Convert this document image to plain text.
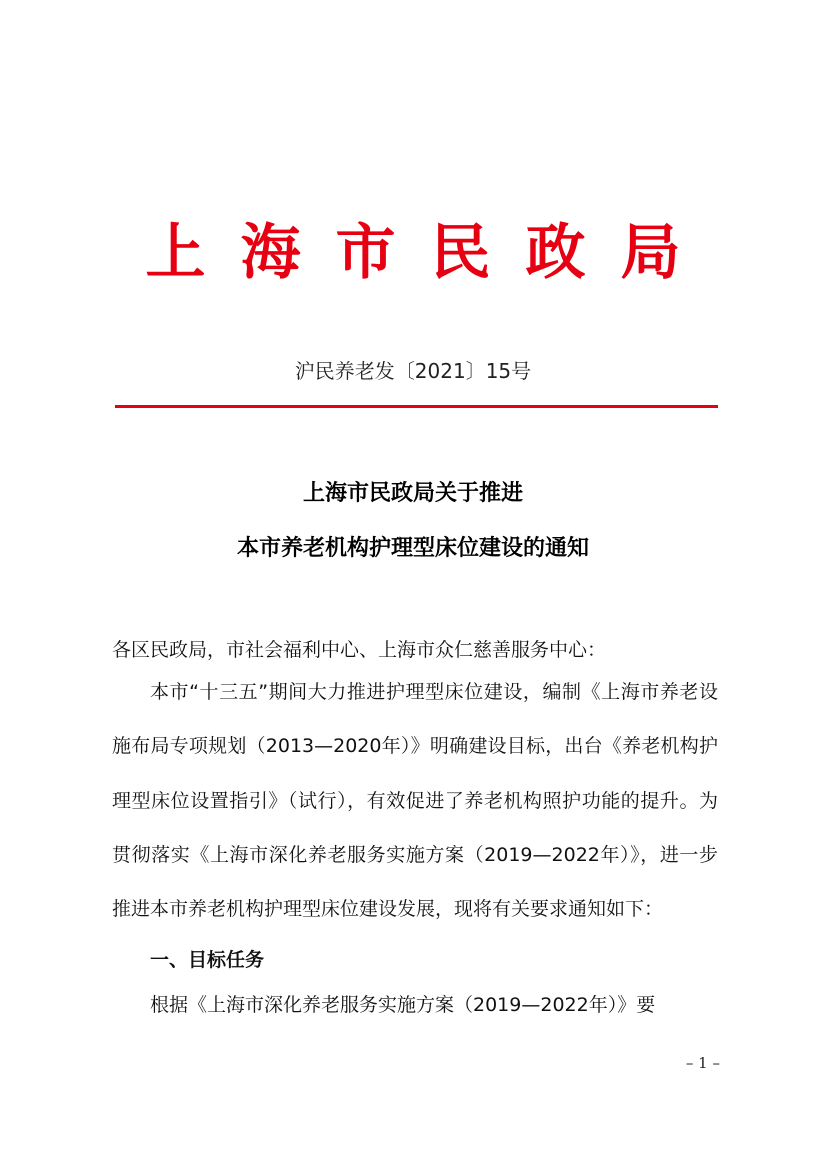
上海市民政局
沪民养老发〔2021〕15号
上海市民政局关于推进
本市养老机构护理型床位建设的通知

各区民政局，市社会福利中心、上海市众仁慈善服务中心：

本市“十三五”期间大力推进护理型床位建设，编制《上海市养老设施布局专项规划（2013—2020年）》明确建设目标，出台《养老机构护理型床位设置指引》（试行），有效促进了养老机构照护功能的提升。为贯彻落实《上海市深化养老服务实施方案（2019—2022年）》，进一步推进本市养老机构护理型床位建设发展，现将有关要求通知如下：

一、目标任务

根据《上海市深化养老服务实施方案（2019—2022年）》要

– 1 –
